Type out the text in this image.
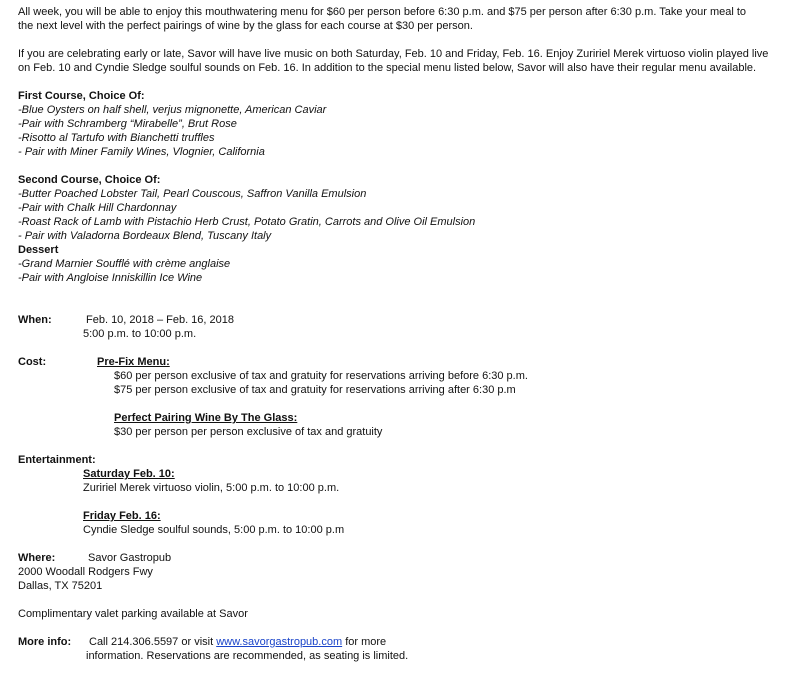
All week, you will be able to enjoy this mouthwatering menu for $60 per person before 6:30 p.m. and $75 per person after 6:30 p.m. Take your meal to
the next level with the perfect pairings of wine by the glass for each course at $30 per person.
If you are celebrating early or late, Savor will have live music on both Saturday, Feb. 10 and Friday, Feb. 16. Enjoy Zuririel Merek virtuoso violin played live
on Feb. 10 and Cyndie Sledge soulful sounds on Feb. 16. In addition to the special menu listed below, Savor will also have their regular menu available.
First Course, Choice Of:
-Blue Oysters on half shell, verjus mignonette, American Caviar
-Pair with Schramberg “Mirabelle”, Brut Rose
-Risotto al Tartufo with Bianchetti truffles
- Pair with Miner Family Wines, Vlognier, California
Second Course, Choice Of:
-Butter Poached Lobster Tail, Pearl Couscous, Saffron Vanilla Emulsion
-Pair with Chalk Hill Chardonnay
-Roast Rack of Lamb with Pistachio Herb Crust, Potato Gratin, Carrots and Olive Oil Emulsion
- Pair with Valadorna Bordeaux Blend, Tuscany Italy
Dessert
-Grand Marnier Soufflé with crème anglaise
-Pair with Angloise Inniskillin Ice Wine
When:	Feb. 10, 2018 – Feb. 16, 2018
5:00 p.m. to 10:00 p.m.
Cost:	Pre-Fix Menu:
$60 per person exclusive of tax and gratuity for reservations arriving before 6:30 p.m.
$75 per person exclusive of tax and gratuity for reservations arriving after 6:30 p.m
Perfect Pairing Wine By The Glass:
$30 per person per person exclusive of tax and gratuity
Entertainment:
Saturday Feb. 10:
Zuririel Merek virtuoso violin, 5:00 p.m. to 10:00 p.m.
Friday Feb. 16:
Cyndie Sledge soulful sounds, 5:00 p.m. to 10:00 p.m
Where:	Savor Gastropub
2000 Woodall Rodgers Fwy
Dallas, TX 75201
Complimentary valet parking available at Savor
More info: Call 214.306.5597 or visit www.savorgastropub.com for more
information. Reservations are recommended, as seating is limited.
